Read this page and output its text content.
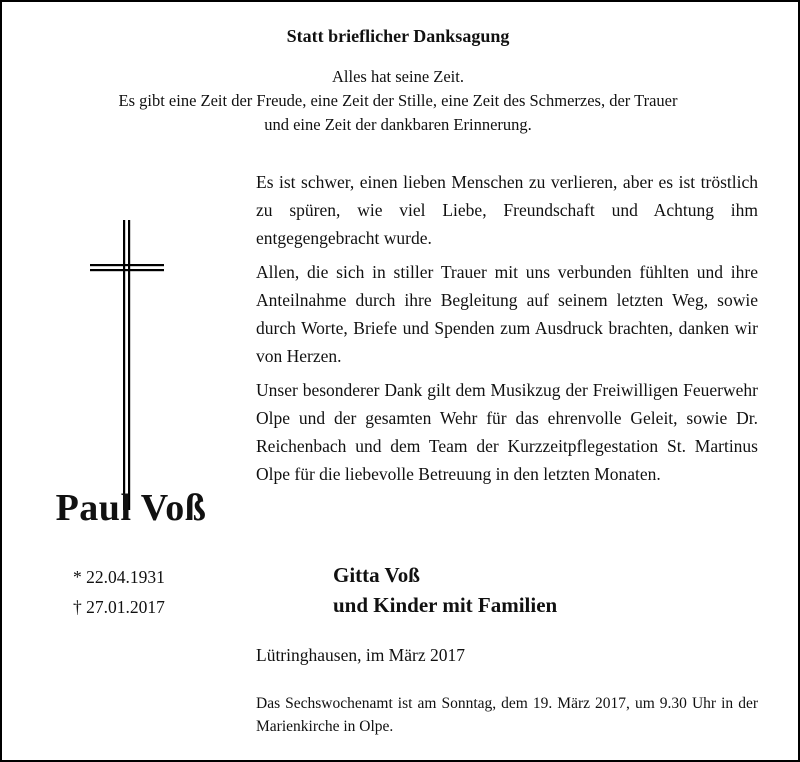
Statt brieflicher Danksagung
Alles hat seine Zeit.
Es gibt eine Zeit der Freude, eine Zeit der Stille, eine Zeit des Schmerzes, der Trauer
und eine Zeit der dankbaren Erinnerung.
Paul Voß
* 22.04.1931
† 27.01.2017

Es ist schwer, einen lieben Menschen zu verlieren, aber es ist tröstlich zu spüren, wie viel Liebe, Freundschaft und Achtung ihm entgegengebracht wurde.

Allen, die sich in stiller Trauer mit uns verbunden fühlten und ihre Anteilnahme durch ihre Begleitung auf seinem letzten Weg, sowie durch Worte, Briefe und Spenden zum Ausdruck brachten, danken wir von Herzen.

Unser besonderer Dank gilt dem Musikzug der Freiwilligen Feuerwehr Olpe und der gesamten Wehr für das ehrenvolle Geleit, sowie Dr. Reichenbach und dem Team der Kurzzeitpflegestation St. Martinus Olpe für die liebevolle Betreuung in den letzten Monaten.

Gitta Voß
und Kinder mit Familien
Lütringhausen, im März 2017
Das Sechswochenamt ist am Sonntag, dem 19. März 2017, um 9.30 Uhr in der Marienkirche in Olpe.
